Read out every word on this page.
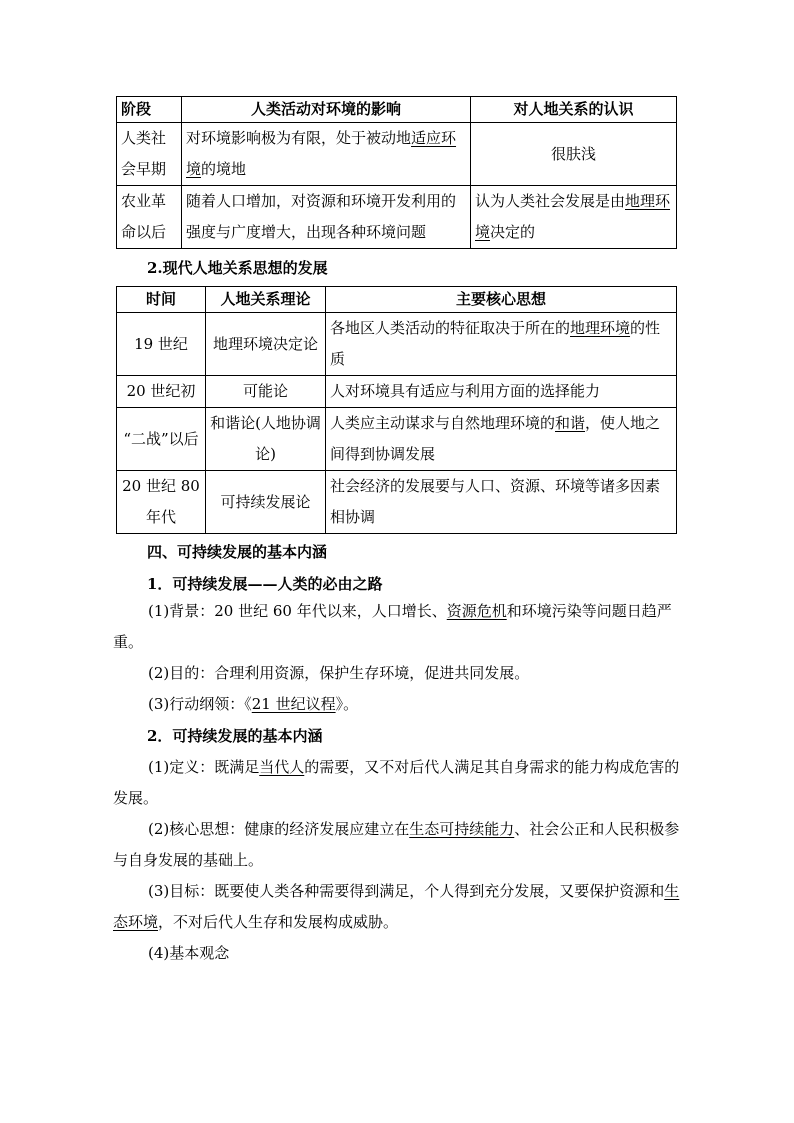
阶段	人类活动对环境的影响	对人地关系的认识
人类社会早期	对环境影响极为有限，处于被动地适应环境的境地	很肤浅
农业革命以后	随着人口增加，对资源和环境开发利用的强度与广度增大，出现各种环境问题	认为人类社会发展是由地理环境决定的
2.现代人地关系思想的发展
时间	人地关系理论	主要核心思想
19 世纪	地理环境决定论	各地区人类活动的特征取决于所在的地理环境的性质
20 世纪初	可能论	人对环境具有适应与利用方面的选择能力
“二战”以后	和谐论(人地协调论)	人类应主动谋求与自然地理环境的和谐，使人地之间得到协调发展
20 世纪 80 年代	可持续发展论	社会经济的发展要与人口、资源、环境等诸多因素相协调
四、可持续发展的基本内涵
1．可持续发展——人类的必由之路
(1)背景：20 世纪 60 年代以来，人口增长、资源危机和环境污染等问题日趋严重。
(2)目的：合理利用资源，保护生存环境，促进共同发展。
(3)行动纲领：《21 世纪议程》。
2．可持续发展的基本内涵
(1)定义：既满足当代人的需要，又不对后代人满足其自身需求的能力构成危害的发展。
(2)核心思想：健康的经济发展应建立在生态可持续能力、社会公正和人民积极参与自身发展的基础上。
(3)目标：既要使人类各种需要得到满足，个人得到充分发展，又要保护资源和生态环境，不对后代人生存和发展构成威胁。
(4)基本观念
